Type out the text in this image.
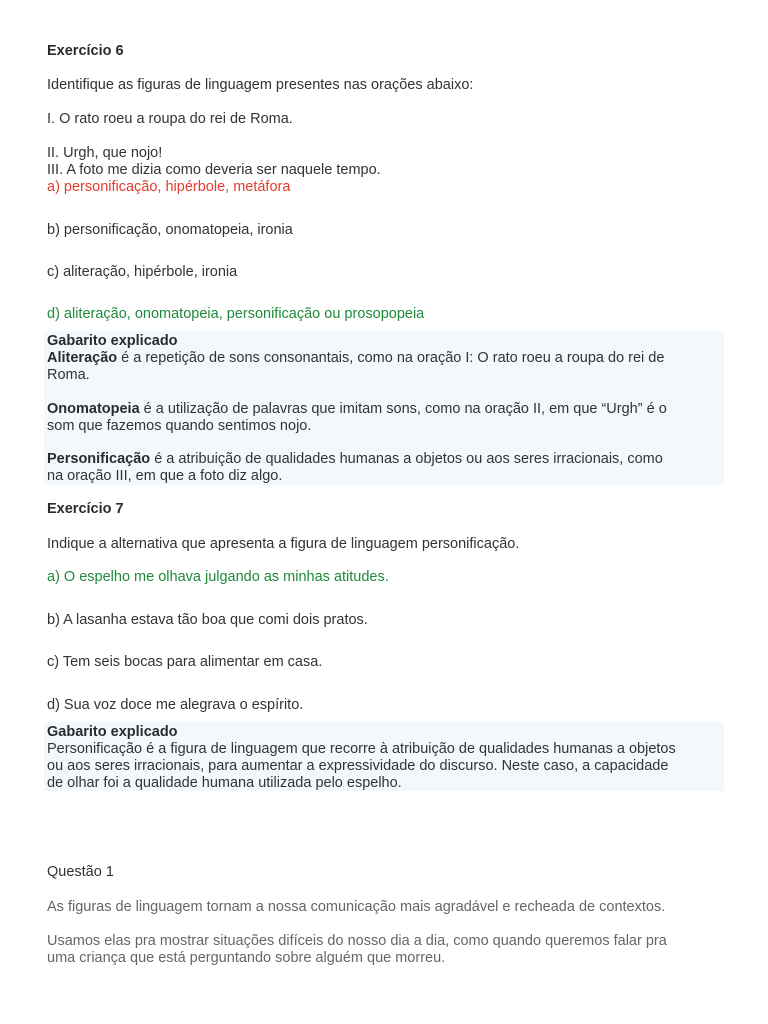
Exercício 6
Identifique as figuras de linguagem presentes nas orações abaixo:
I. O rato roeu a roupa do rei de Roma.
II. Urgh, que nojo!
III. A foto me dizia como deveria ser naquele tempo.
a) personificação, hipérbole, metáfora
b) personificação, onomatopeia, ironia
c) aliteração, hipérbole, ironia
d) aliteração, onomatopeia, personificação ou prosopopeia
Gabarito explicado
Aliteração é a repetição de sons consonantais, como na oração I: O rato roeu a roupa do rei de
Roma.
Onomatopeia é a utilização de palavras que imitam sons, como na oração II, em que “Urgh” é o
som que fazemos quando sentimos nojo.
Personificação é a atribuição de qualidades humanas a objetos ou aos seres irracionais, como
na oração III, em que a foto diz algo.
Exercício 7
Indique a alternativa que apresenta a figura de linguagem personificação.
a) O espelho me olhava julgando as minhas atitudes.
b) A lasanha estava tão boa que comi dois pratos.
c) Tem seis bocas para alimentar em casa.
d) Sua voz doce me alegrava o espírito.
Gabarito explicado
Personificação é a figura de linguagem que recorre à atribuição de qualidades humanas a objetos
ou aos seres irracionais, para aumentar a expressividade do discurso. Neste caso, a capacidade
de olhar foi a qualidade humana utilizada pelo espelho.
Questão 1
As figuras de linguagem tornam a nossa comunicação mais agradável e recheada de contextos.
Usamos elas pra mostrar situações difíceis do nosso dia a dia, como quando queremos falar pra
uma criança que está perguntando sobre alguém que morreu.
